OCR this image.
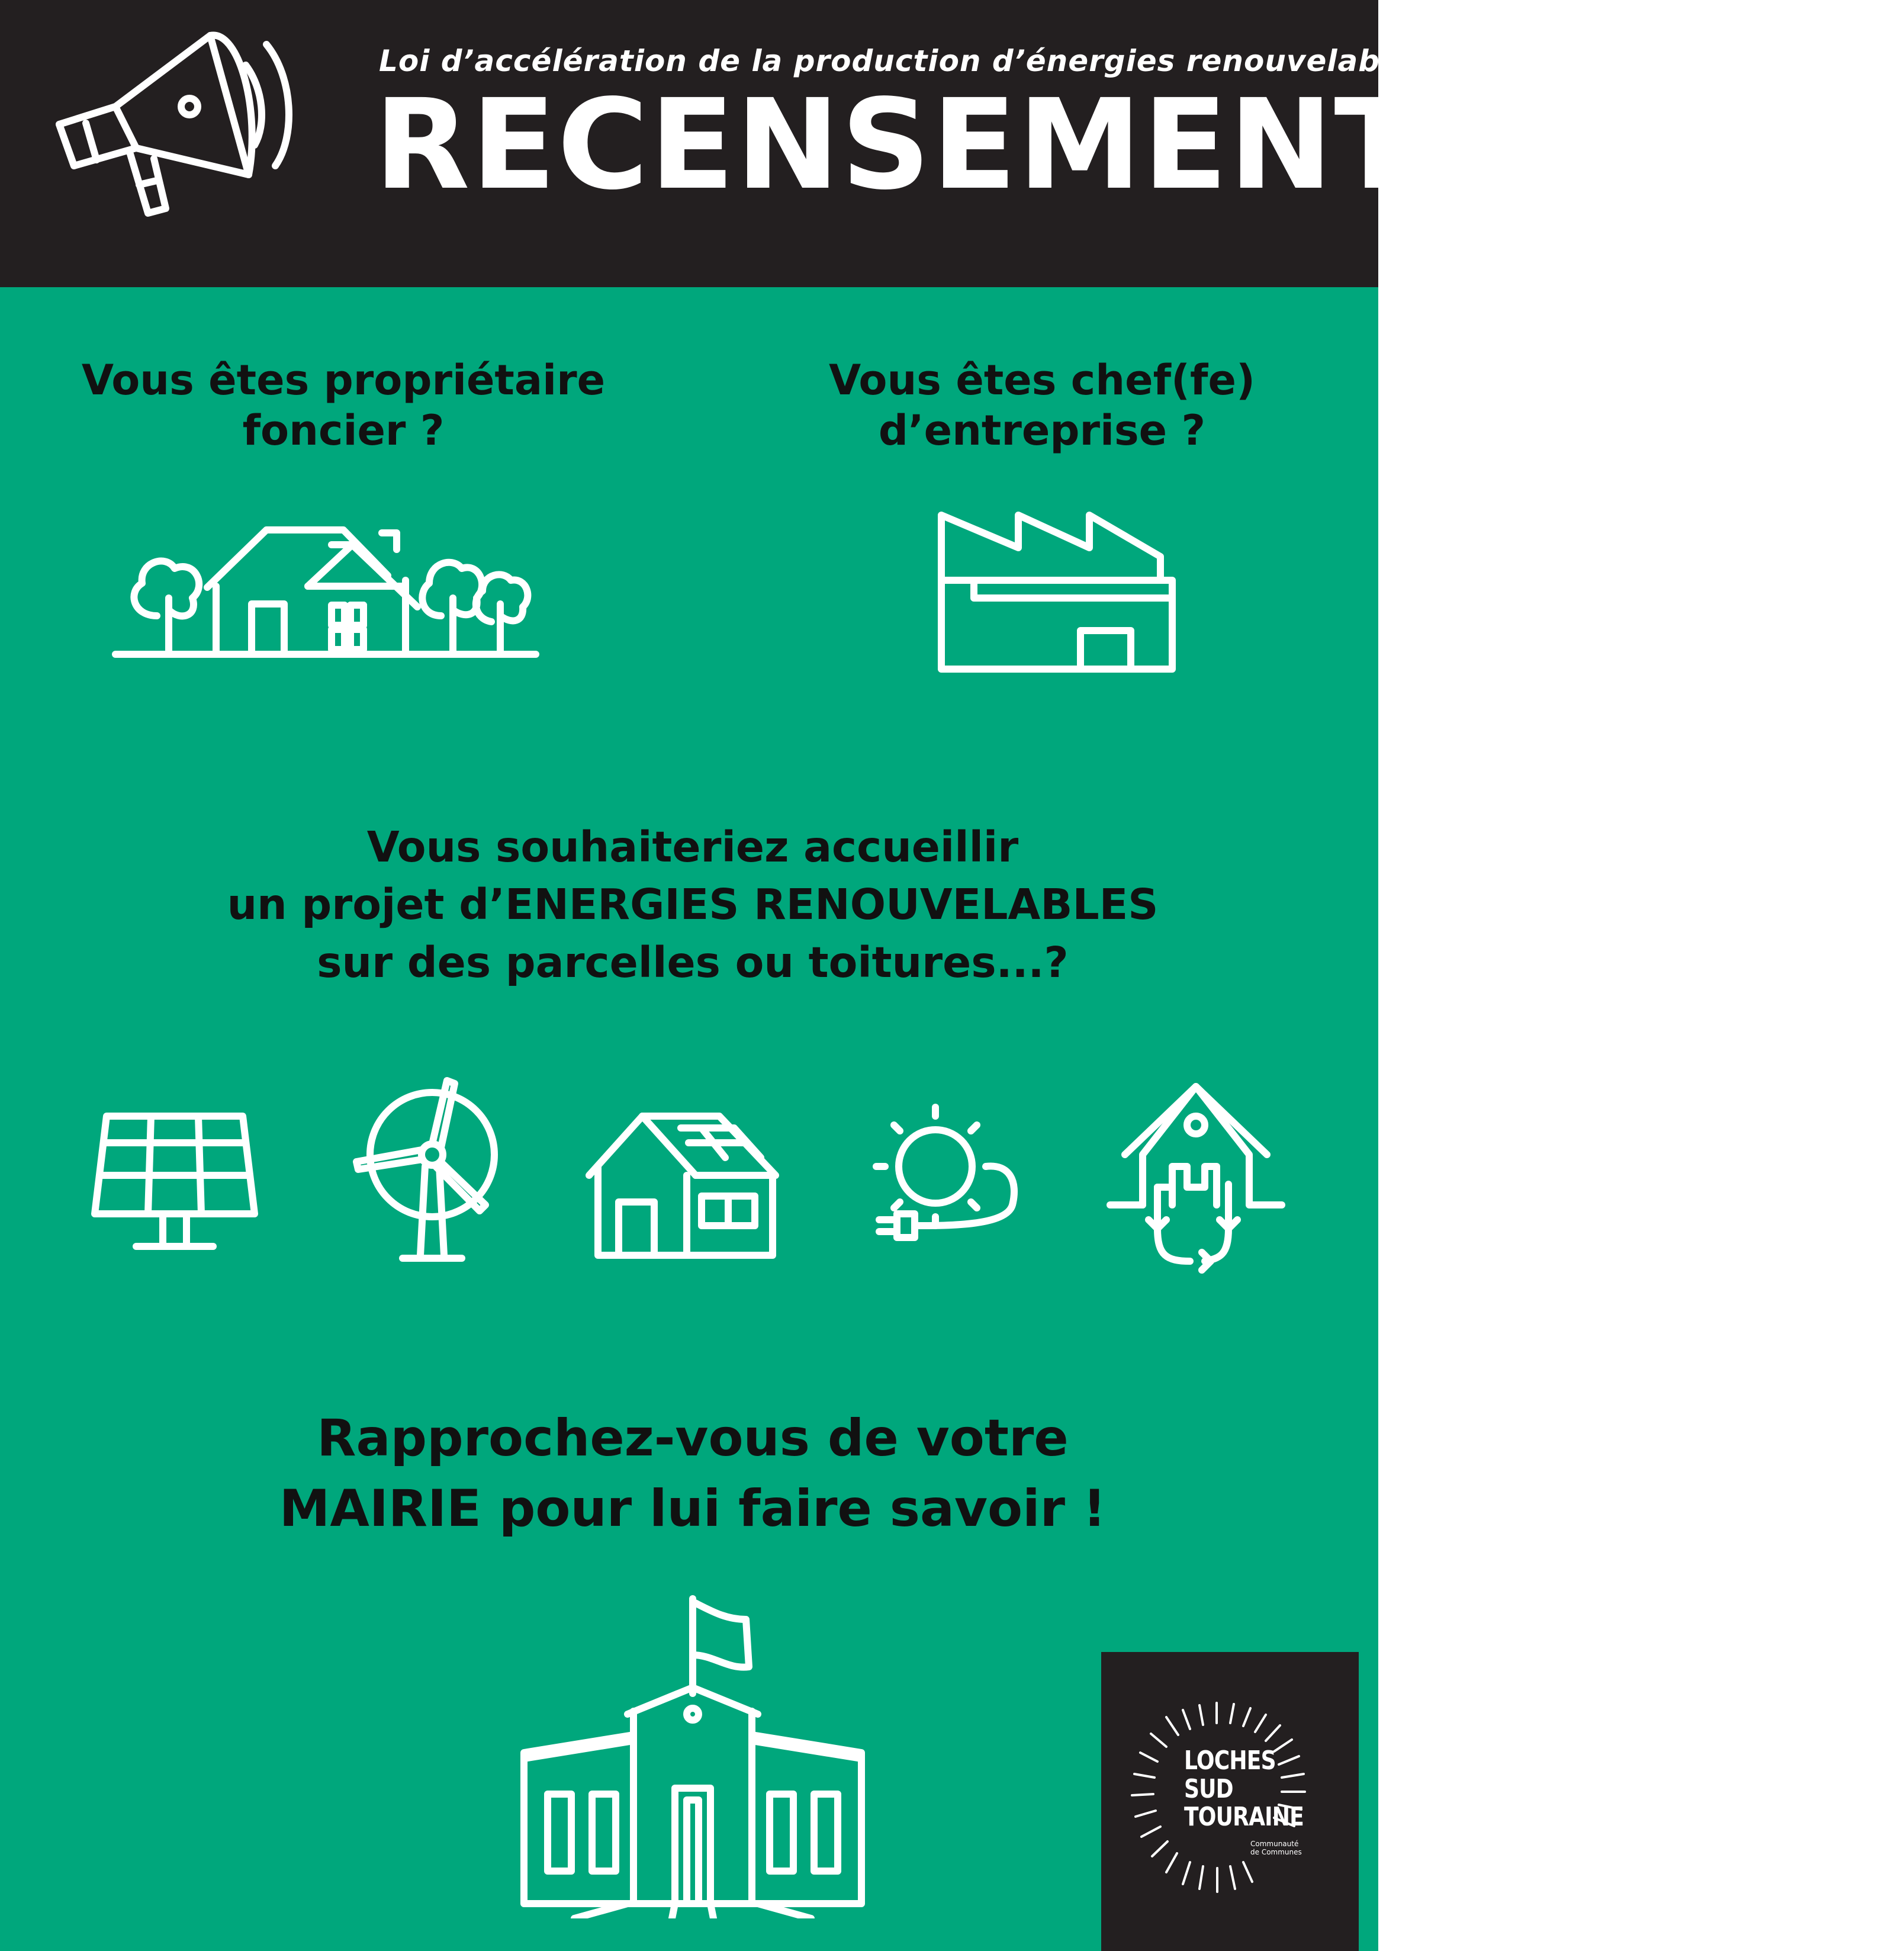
Loi d’accélération de la production d’énergies renouvelables
RECENSEMENT
Vous êtes propriétaire
foncier ?
Vous êtes chef(fe)
d’entreprise ?
Vous souhaiteriez accueillir
un projet d’ENERGIES RENOUVELABLES
sur des parcelles ou toitures...?
Rapprochez-vous de votre
MAIRIE pour lui faire savoir !
LOCHES
SUD
TOURAINE
Communauté
de Communes
